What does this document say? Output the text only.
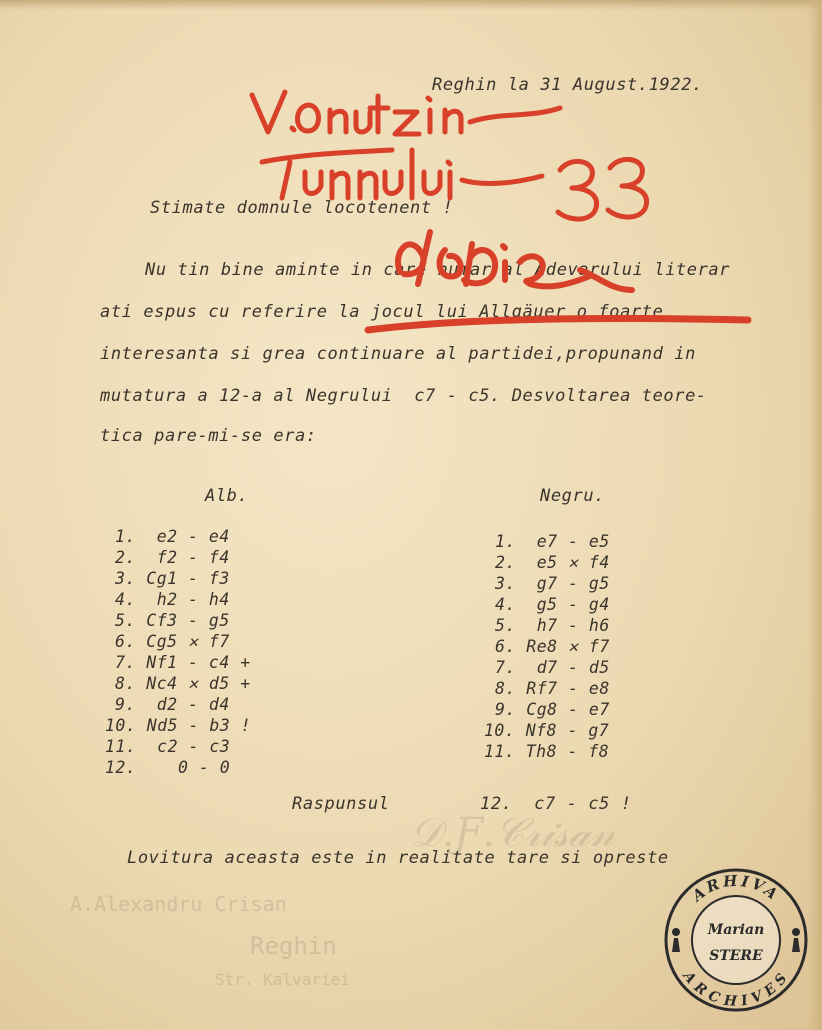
𝒟.Ƒ.𝒞𝓇𝒾𝓈𝒶𝓃
A.Alexandru Crisan
Reghin
Str. Kalvariei
Reghin la 31 August.1922.
Stimate domnule locotenent !
Nu tin bine aminte in care numar al Adevarului literar
ati espus cu referire la jocul lui Allgäuer o foarte
interesanta si grea continuare al partidei,propunand in
mutatura a 12-a al Negrului  c7 - c5. Desvoltarea teore-
tica pare-mi-se era:
Alb.	Negru.
1.  e2 - e4
2.  f2 - f4
3. Cg1 - f3
4.  h2 - h4
5. Cf3 - g5
6. Cg5 ✕ f7
7. Nf1 - c4 +
8. Nc4 ✕ d5 +
9.  d2 - d4
10. Nd5 - b3 !
11.  c2 - c3
12.    0 - 0
1.  e7 - e5
2.  e5 ✕ f4
3.  g7 - g5
4.  g5 - g4
5.  h7 - h6
6. Re8 ✕ f7
7.  d7 - d5
8. Rf7 - e8
9. Cg8 - e7
10. Nf8 - g7
11. Th8 - f8
Raspunsul	12.  c7 - c5 !
Lovitura aceasta este in realitate tare si opreste
ARHIVA
ARCHIVES
Marian
STERE
